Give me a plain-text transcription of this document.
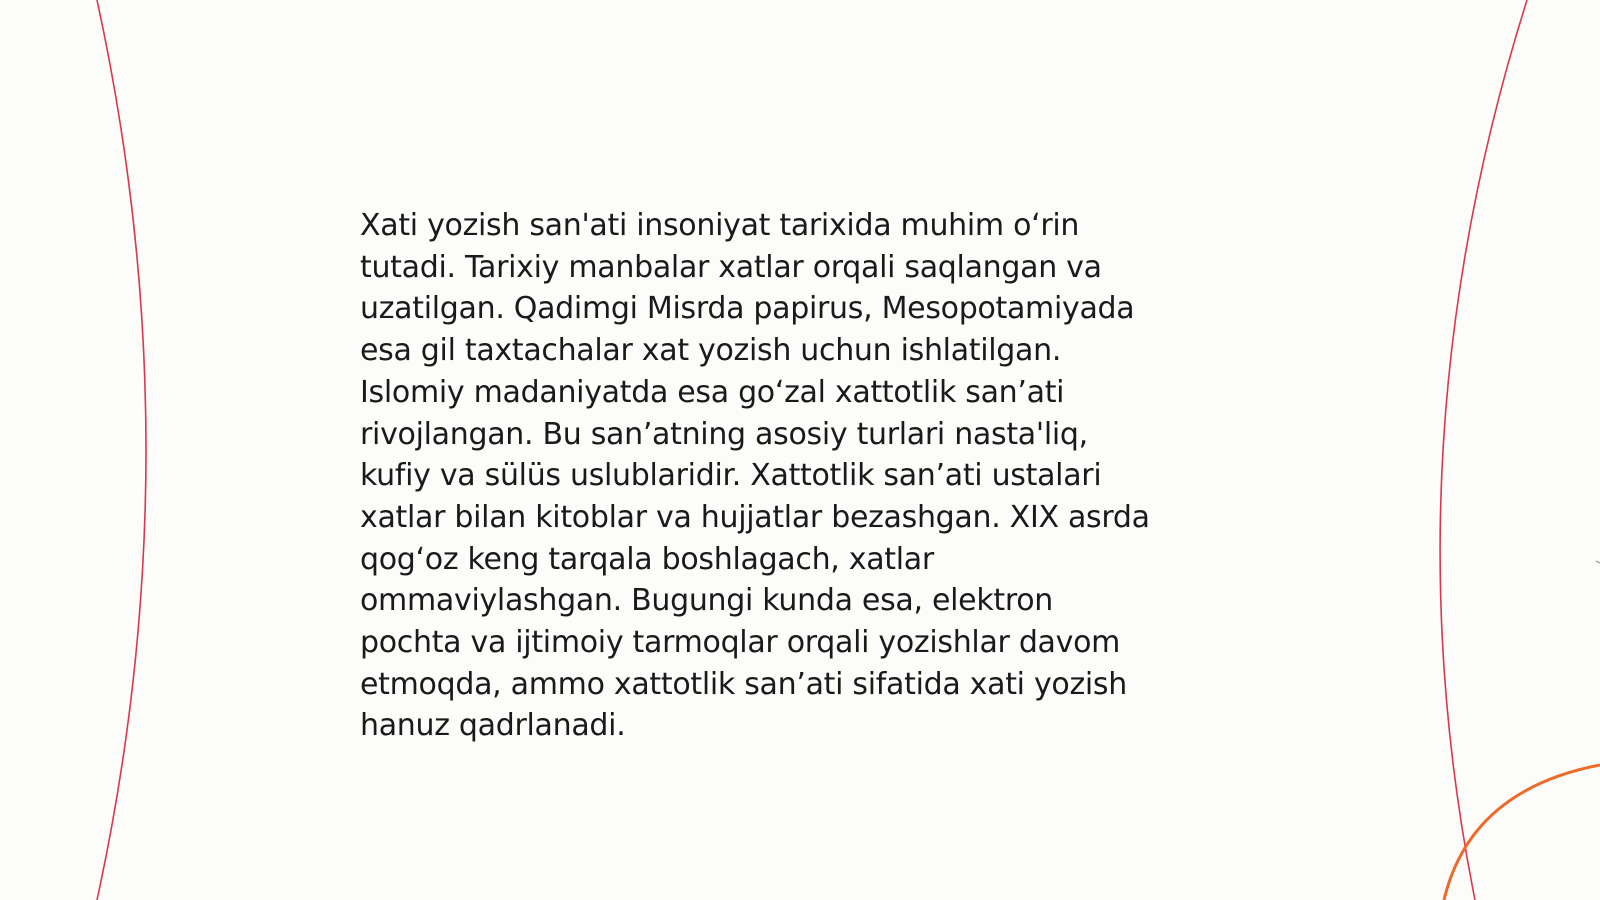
Xati yozish san'ati insoniyat tarixida muhim o‘rin
tutadi. Tarixiy manbalar xatlar orqali saqlangan va
uzatilgan. Qadimgi Misrda papirus, Mesopotamiyada
esa gil taxtachalar xat yozish uchun ishlatilgan.
Islomiy madaniyatda esa go‘zal xattotlik san’ati
rivojlangan. Bu san’atning asosiy turlari nasta'liq,
kufiy va sülüs uslublaridir. Xattotlik san’ati ustalari
xatlar bilan kitoblar va hujjatlar bezashgan. XIX asrda
qog‘oz keng tarqala boshlagach, xatlar
ommaviylashgan. Bugungi kunda esa, elektron
pochta va ijtimoiy tarmoqlar orqali yozishlar davom
etmoqda, ammo xattotlik san’ati sifatida xati yozish
hanuz qadrlanadi.
